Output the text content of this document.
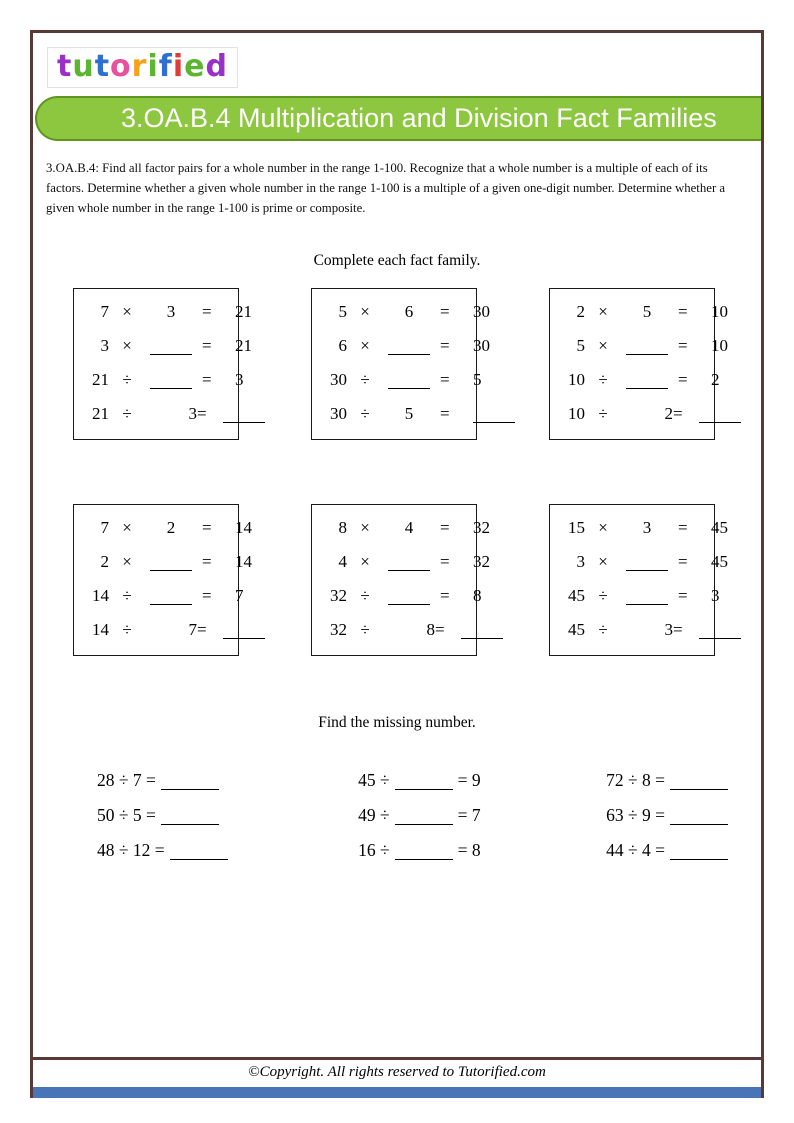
tutorified
3.OA.B.4 Multiplication and Division Fact Families

3.OA.B.4: Find all factor pairs for a whole number in the range 1-100. Recognize that a whole number is a multiple of each of its factors. Determine whether a given whole number in the range 1-100 is a multiple of a given one-digit number. Determine whether a given whole number in the range 1-100 is prime or composite.

Complete each fact family.
7 ×	3	=	21
3 ×	=	21
21 ÷	=	3
21 ÷	3 =
5 ×	6	=	30
6 ×	=	30
30 ÷	=	5
30 ÷	5	=
2 ×	5	=	10
5 ×	=	10
10 ÷	=	2
10 ÷	2 =
7 ×	2	=	14
2 ×	=	14
14 ÷	=	7
14 ÷	7 =
8 ×	4	=	32
4 ×	=	32
32 ÷	=	8
32 ÷	8 =
15 ×	3	=	45
3 ×	=	45
45 ÷	=	3
45 ÷	3 =
Find the missing number.
28 ÷ 7 =
50 ÷ 5 =
48 ÷ 12 =
45 ÷	= 9
49 ÷	= 7
16 ÷	= 8
72 ÷ 8 =
63 ÷ 9 =
44 ÷ 4 =
©Copyright. All rights reserved to Tutorified.com
